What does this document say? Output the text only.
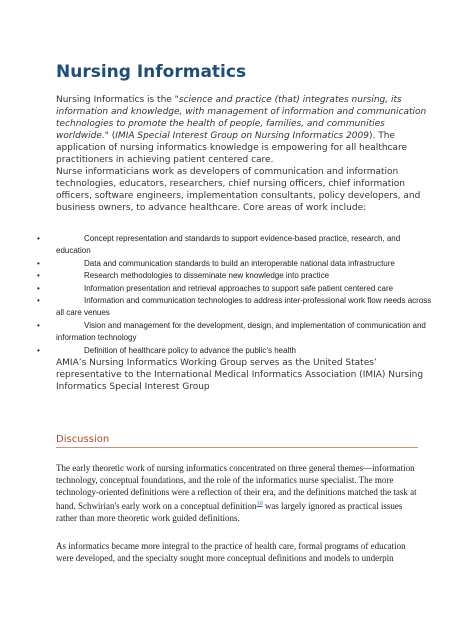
Nursing Informatics
Nursing Informatics is the "science and practice (that) integrates nursing, its information and knowledge, with management of information and communication technologies to promote the health of people, families, and communities worldwide." (IMIA Special Interest Group on Nursing Informatics 2009). The application of nursing informatics knowledge is empowering for all healthcare practitioners in achieving patient centered care.
Nurse informaticians work as developers of communication and information technologies, educators, researchers, chief nursing officers, chief information officers, software engineers, implementation consultants, policy developers, and business owners, to advance healthcare. Core areas of work include:
•	Concept representation and standards to support evidence-based practice, research, and education
•	Data and communication standards to build an interoperable national data infrastructure
•	Research methodologies to disseminate new knowledge into practice
•	Information presentation and retrieval approaches to support safe patient centered care
•	Information and communication technologies to address inter-professional work flow needs across all care venues
•	Vision and management for the development, design, and implementation of communication and information technology
•	Definition of healthcare policy to advance the public’s health
AMIA’s Nursing Informatics Working Group serves as the United States’ representative to the International Medical Informatics Association (IMIA) Nursing Informatics Special Interest Group
Discussion
The early theoretic work of nursing informatics concentrated on three general themes—information technology, conceptual foundations, and the role of the informatics nurse specialist. The more technology-oriented definitions were a reflection of their era, and the definitions matched the task at hand. Schwirian's early work on a conceptual definition$^{10}$ was largely ignored as practical issues rather than more theoretic work guided definitions.
As informatics became more integral to the practice of health care, formal programs of education were developed, and the specialty sought more conceptual definitions and models to underpin
